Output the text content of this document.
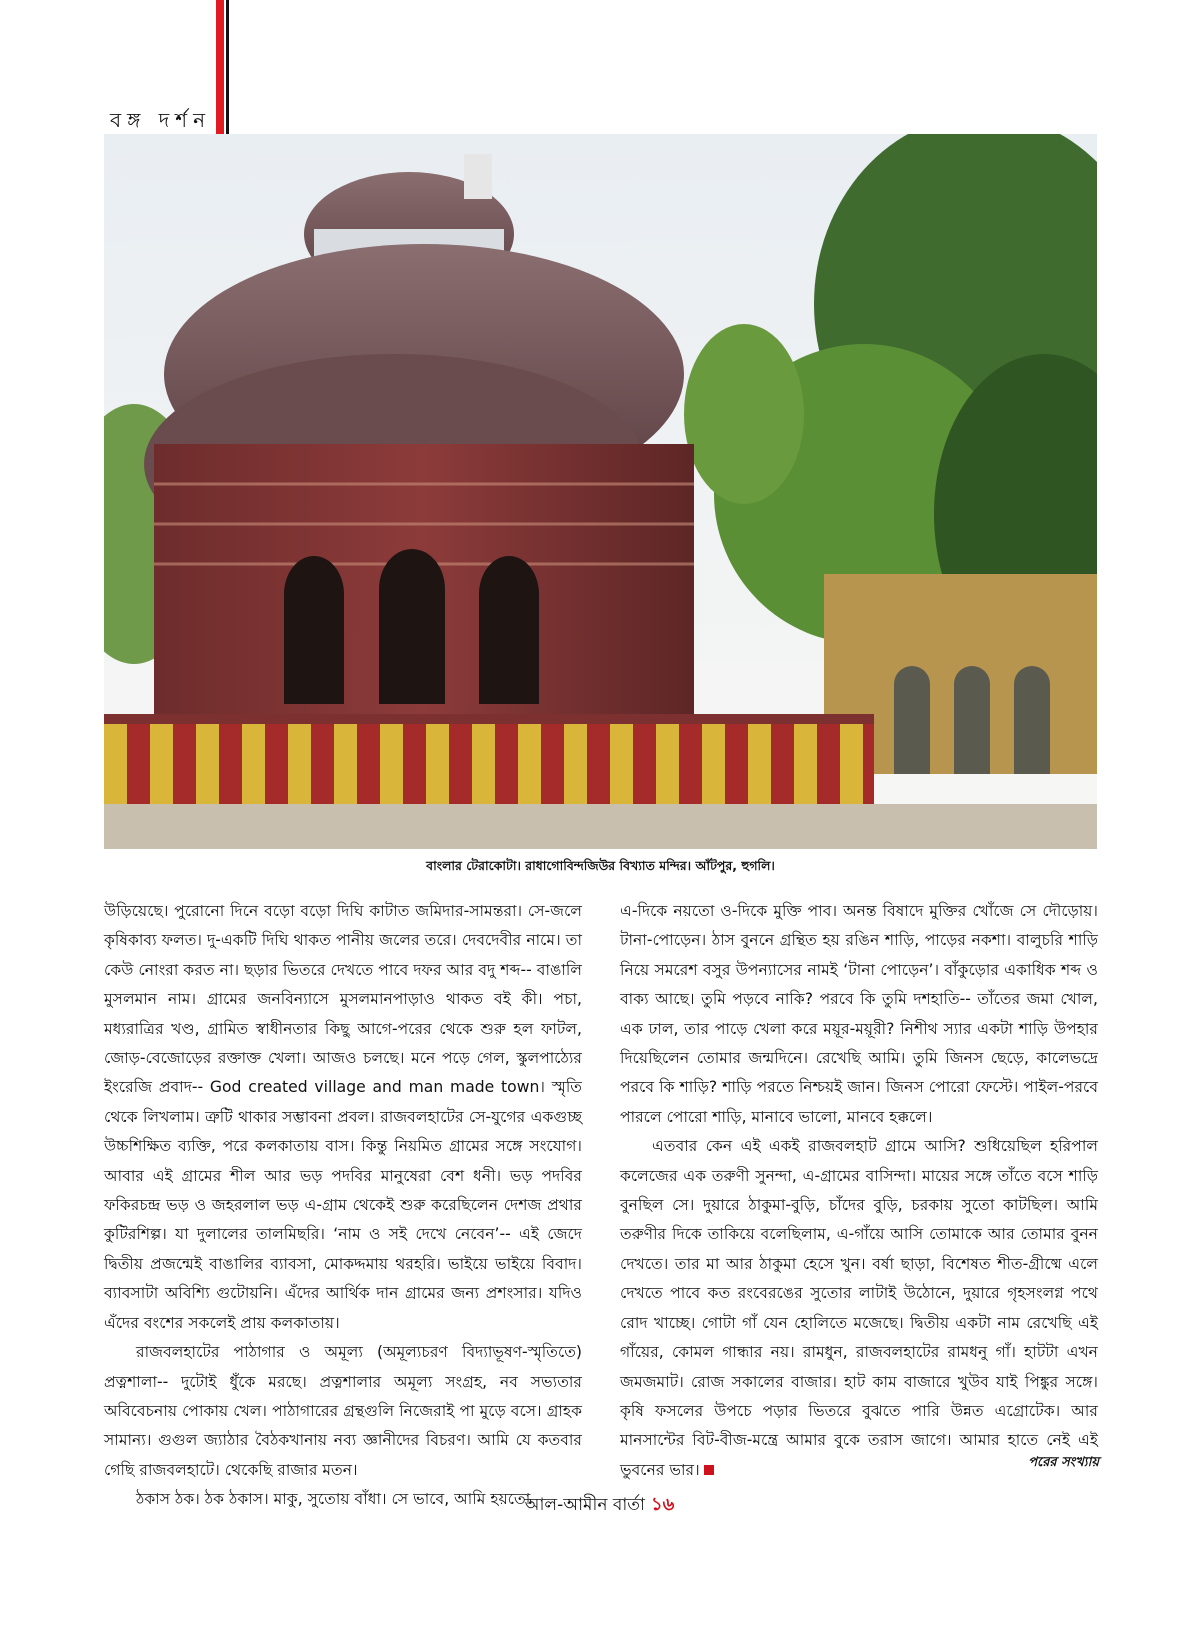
বঙ্গ দর্শন
বাংলার টেরাকোটা। রাধাগোবিন্দজিউর বিখ্যাত মন্দির। আঁটপুর, হুগলি।

উড়িয়েছে। পুরোনো দিনে বড়ো বড়ো দিঘি কাটাত জমিদার-সামন্তরা। সে-জলে কৃষিকাব্য ফলত। দু-একটি দিঘি থাকত পানীয় জলের তরে। দেবদেবীর নামে। তা কেউ নোংরা করত না। ছড়ার ভিতরে দেখতে পাবে দফর আর বদু শব্দ-- বাঙালি মুসলমান নাম। গ্রামের জনবিন্যাসে মুসলমানপাড়াও থাকত বই কী। পচা, মধ্যরাত্রির খণ্ড, গ্রামিত স্বাধীনতার কিছু আগে-পরের থেকে শুরু হল ফাটল, জোড়-বেজোড়ের রক্তাক্ত খেলা। আজও চলছে। মনে পড়ে গেল, স্কুলপাঠ্যের ইংরেজি প্রবাদ-- God created village and man made town। স্মৃতি থেকে লিখলাম। ত্রুটি থাকার সম্ভাবনা প্রবল। রাজবলহাটের সে-যুগের একগুচ্ছ উচ্চশিক্ষিত ব্যক্তি, পরে কলকাতায় বাস। কিন্তু নিয়মিত গ্রামের সঙ্গে সংযোগ। আবার এই গ্রামের শীল আর ভড় পদবির মানুষেরা বেশ ধনী। ভড় পদবির ফকিরচন্দ্র ভড় ও জহরলাল ভড় এ-গ্রাম থেকেই শুরু করেছিলেন দেশজ প্রথার কুটিরশিল্প। যা দুলালের তালমিছরি। ‘নাম ও সই দেখে নেবেন’-- এই জেদে দ্বিতীয় প্রজন্মেই বাঙালির ব্যাবসা, মোকদ্দমায় থরহরি। ভাইয়ে ভাইয়ে বিবাদ। ব্যাবসাটা অবিশ্যি গুটোয়নি। এঁদের আর্থিক দান গ্রামের জন্য প্রশংসার। যদিও এঁদের বংশের সকলেই প্রায় কলকাতায়।

রাজবলহাটের পাঠাগার ও অমূল্য (অমূল্যচরণ বিদ্যাভূষণ-স্মৃতিতে) প্রত্নশালা-- দুটোই ধুঁকে মরছে। প্রত্নশালার অমূল্য সংগ্রহ, নব সভ্যতার অবিবেচনায় পোকায় খেল। পাঠাগারের গ্রন্থগুলি নিজেরাই পা মুড়ে বসে। গ্রাহক সামান্য। গুগুল জ্যাঠার বৈঠকখানায় নব্য জ্ঞানীদের বিচরণ। আমি যে কতবার গেছি রাজবলহাটে। থেকেছি রাজার মতন।

ঠকাস ঠক। ঠক ঠকাস। মাকু, সুতোয় বাঁধা। সে ভাবে, আমি হয়তো

এ-দিকে নয়তো ও-দিকে মুক্তি পাব। অনন্ত বিষাদে মুক্তির খোঁজে সে দৌড়োয়। টানা-পোড়েন। ঠাস বুননে গ্রন্থিত হয় রঙিন শাড়ি, পাড়ের নকশা। বালুচরি শাড়ি নিয়ে সমরেশ বসুর উপন্যাসের নামই ‘টানা পোড়েন’। বাঁকুড়োর একাধিক শব্দ ও বাক্য আছে। তুমি পড়বে নাকি? পরবে কি তুমি দশহাতি-- তাঁতের জমা খোল, এক ঢাল, তার পাড়ে খেলা করে ময়ূর-ময়ূরী? নিশীথ স্যার একটা শাড়ি উপহার দিয়েছিলেন তোমার জন্মদিনে। রেখেছি আমি। তুমি জিনস ছেড়ে, কালেভদ্রে পরবে কি শাড়ি? শাড়ি পরতে নিশ্চয়ই জান। জিনস পোরো ফেস্টে। পাইল-পরবে পারলে পোরো শাড়ি, মানাবে ভালো, মানবে হক্কলে।

এতবার কেন এই একই রাজবলহাট গ্রামে আসি? শুধিয়েছিল হরিপাল কলেজের এক তরুণী সুনন্দা, এ-গ্রামের বাসিন্দা। মায়ের সঙ্গে তাঁতে বসে শাড়ি বুনছিল সে। দুয়ারে ঠাকুমা-বুড়ি, চাঁদের বুড়ি, চরকায় সুতো কাটছিল। আমি তরুণীর দিকে তাকিয়ে বলেছিলাম, এ-গাঁয়ে আসি তোমাকে আর তোমার বুনন দেখতে। তার মা আর ঠাকুমা হেসে খুন। বর্ষা ছাড়া, বিশেষত শীত-গ্রীষ্মে এলে দেখতে পাবে কত রংবেরঙের সুতোর লাটাই উঠোনে, দুয়ারে গৃহসংলগ্ন পথে রোদ খাচ্ছে। গোটা গাঁ যেন হোলিতে মজেছে। দ্বিতীয় একটা নাম রেখেছি এই গাঁয়ের, কোমল গান্ধার নয়। রামধুন, রাজবলহাটের রামধনু গাঁ। হাটটা এখন জমজমাট। রোজ সকালের বাজার। হাট কাম বাজারে খুউব যাই পিঙ্কুর সঙ্গে। কৃষি ফসলের উপচে পড়ার ভিতরে বুঝতে পারি উন্নত এগ্রোটেক। আর মানসান্টের বিট-বীজ-মন্ত্রে আমার বুকে তরাস জাগে। আমার হাতে নেই এই ভুবনের ভার।	পরের সংখ্যায়
আল-আমীন বার্তা ১৬
